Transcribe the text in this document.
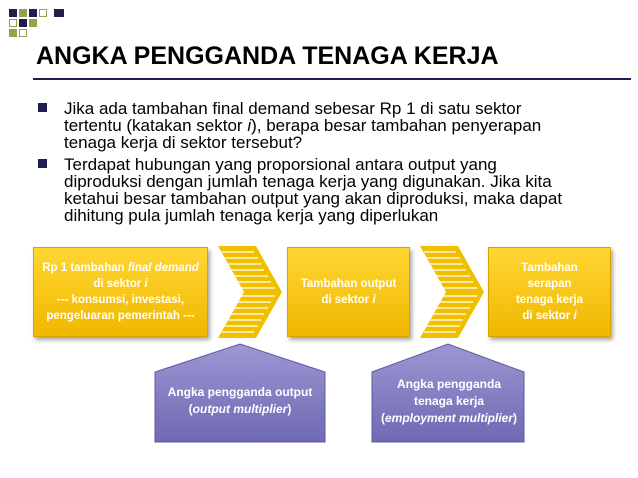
ANGKA PENGGANDA TENAGA KERJA
Jika ada tambahan final demand sebesar Rp 1 di satu sektor
tertentu (katakan sektor i), berapa besar tambahan penyerapan
tenaga kerja di sektor tersebut?
Terdapat hubungan yang proporsional antara output yang
diproduksi dengan jumlah tenaga kerja yang digunakan. Jika kita
ketahui besar tambahan output yang akan diproduksi, maka dapat
dihitung pula jumlah tenaga kerja yang diperlukan
Rp 1 tambahan final demand
di sektor i
--- konsumsi, investasi,
pengeluaran pemerintah ---
Tambahan output
di sektor i
Tambahan
serapan
tenaga kerja
di sektor i
Angka pengganda output
(output multiplier)
Angka pengganda
tenaga kerja
(employment multiplier)
